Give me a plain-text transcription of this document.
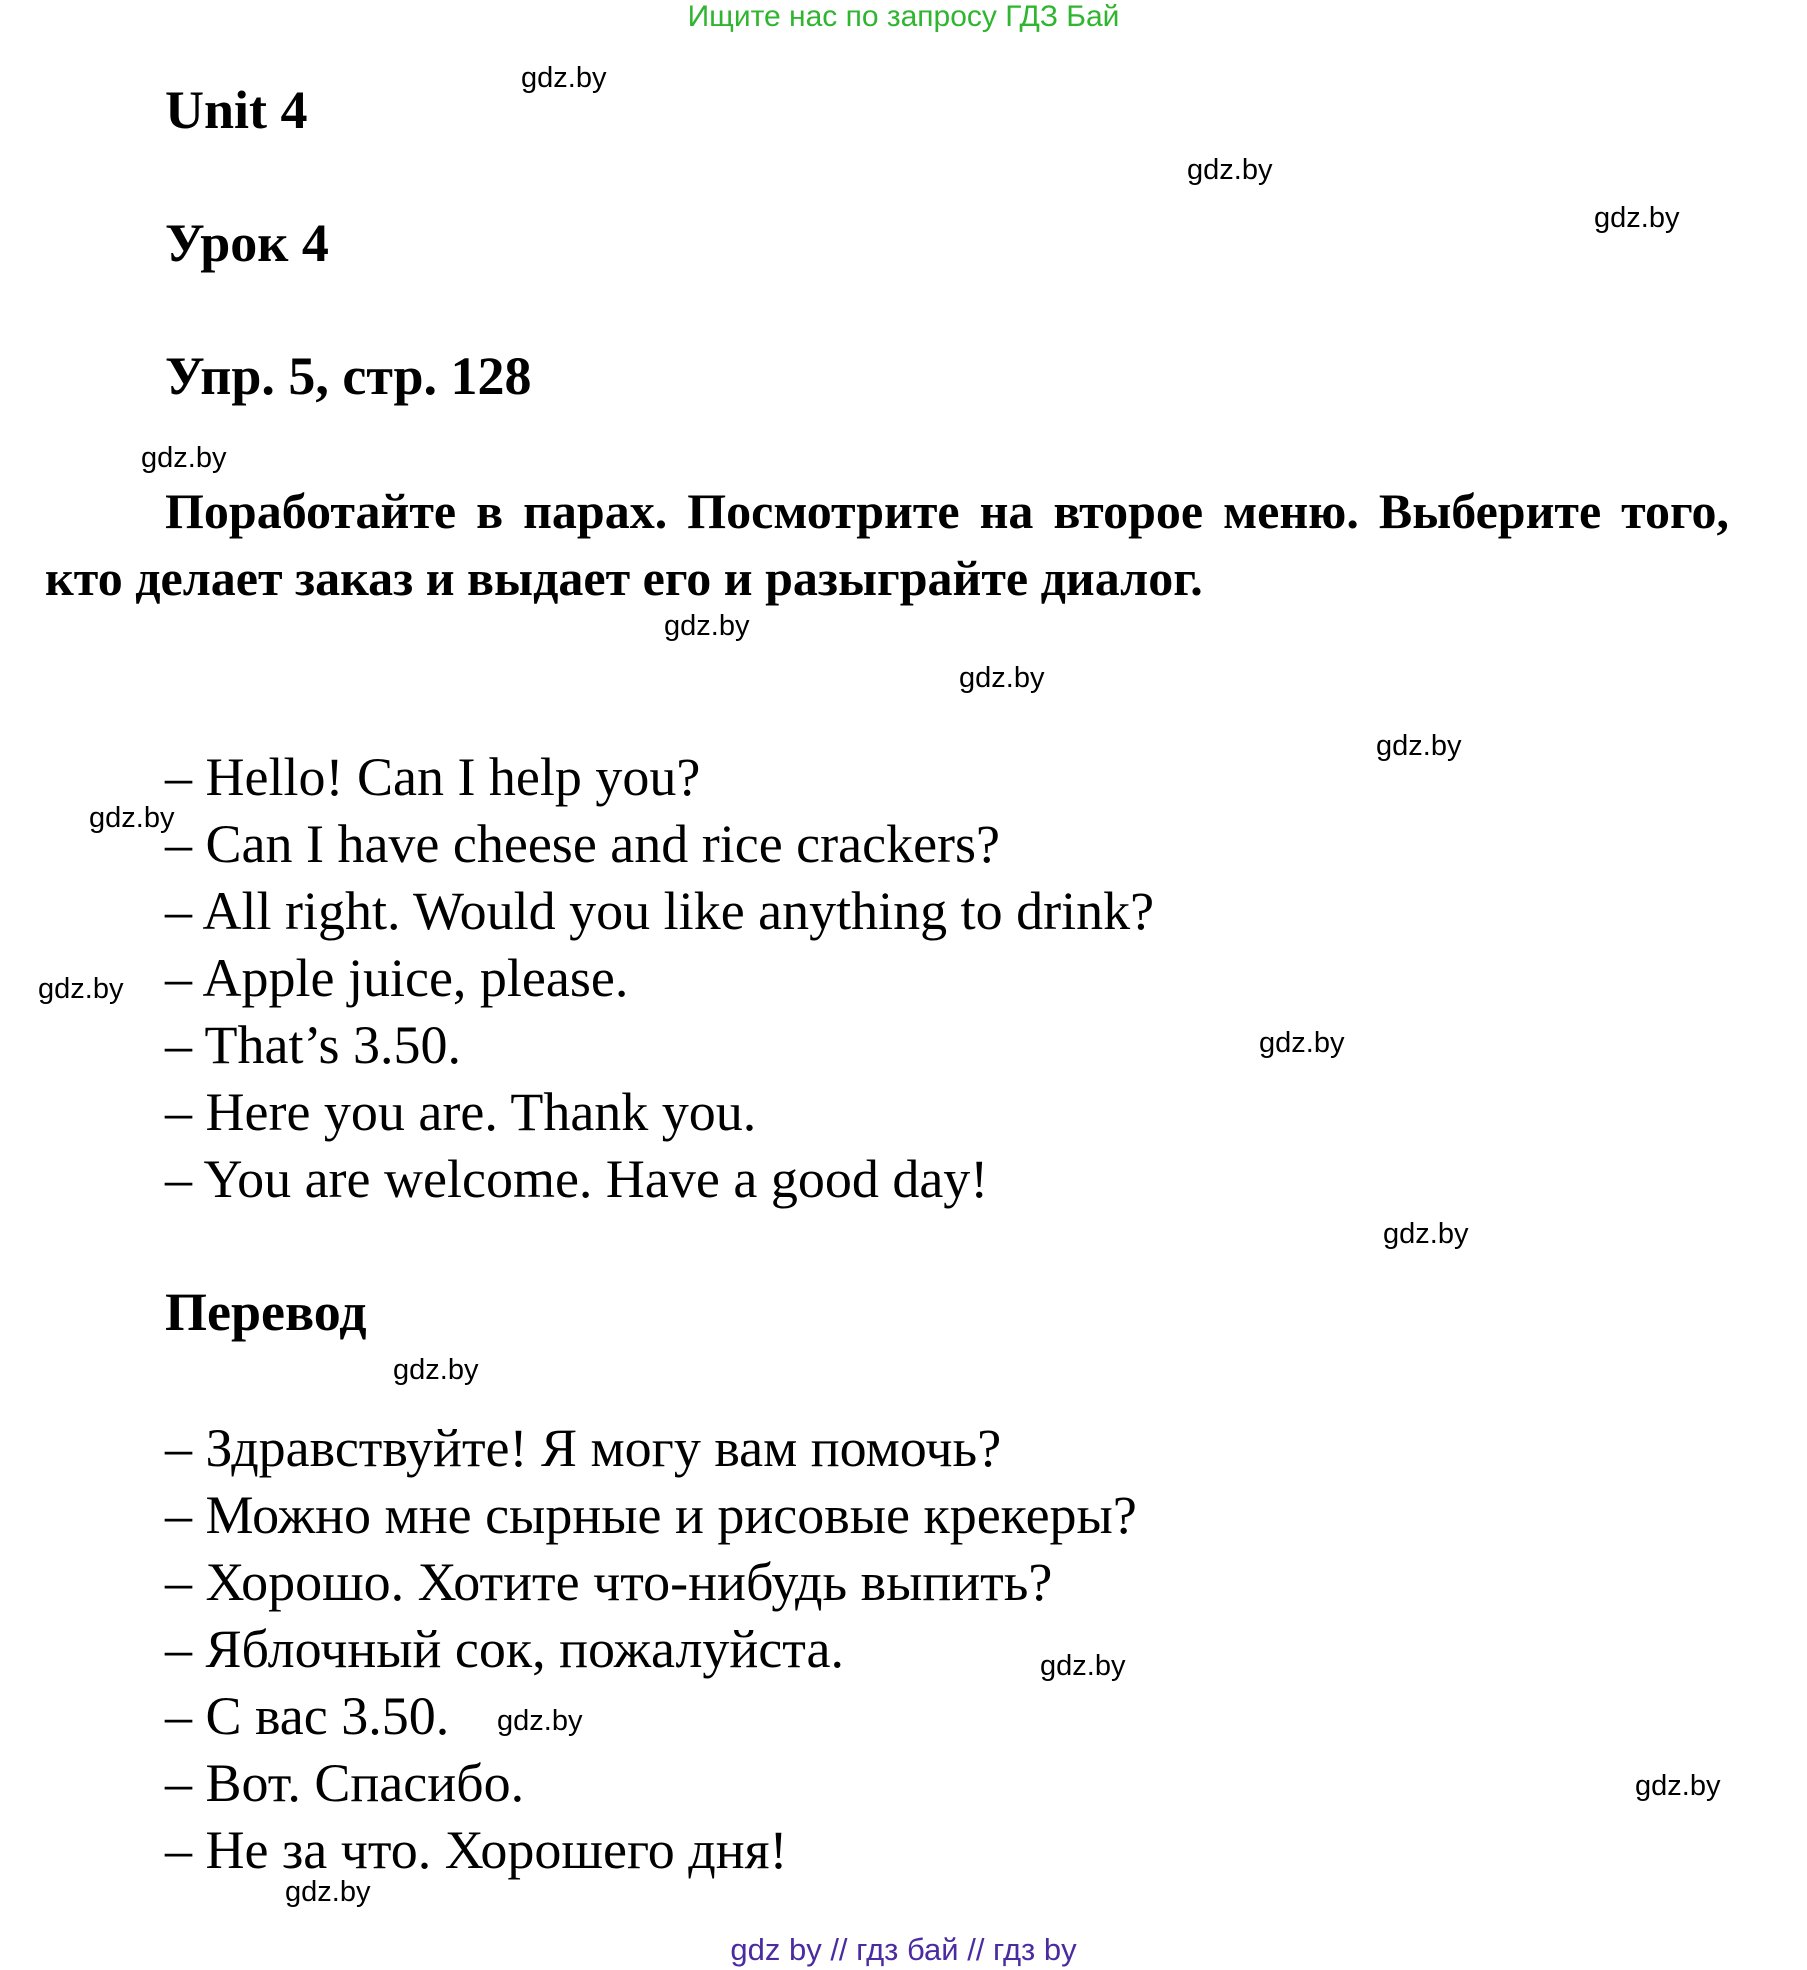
Ищите нас по запросу ГДЗ Бай
Unit 4
Урок 4
Упр. 5, стр. 128
Поработайте в парах. Посмотрите на второе меню. Выберите того, кто делает заказ и выдает его и разыграйте диалог.
– Hello! Can I help you?
– Can I have cheese and rice crackers?
– All right. Would you like anything to drink?
– Apple juice, please.
– That’s 3.50.
– Here you are. Thank you.
– You are welcome. Have a good day!
Перевод
– Здравствуйте! Я могу вам помочь?
– Можно мне сырные и рисовые крекеры?
– Хорошо. Хотите что-нибудь выпить?
– Яблочный сок, пожалуйста.
– С вас 3.50.
– Вот. Спасибо.
– Не за что. Хорошего дня!
gdz.by
gdz.by
gdz.by
gdz.by
gdz.by
gdz.by
gdz.by
gdz.by
gdz.by
gdz.by
gdz.by
gdz.by
gdz.by
gdz.by
gdz.by
gdz.by
gdz by // гдз бай // гдз by
